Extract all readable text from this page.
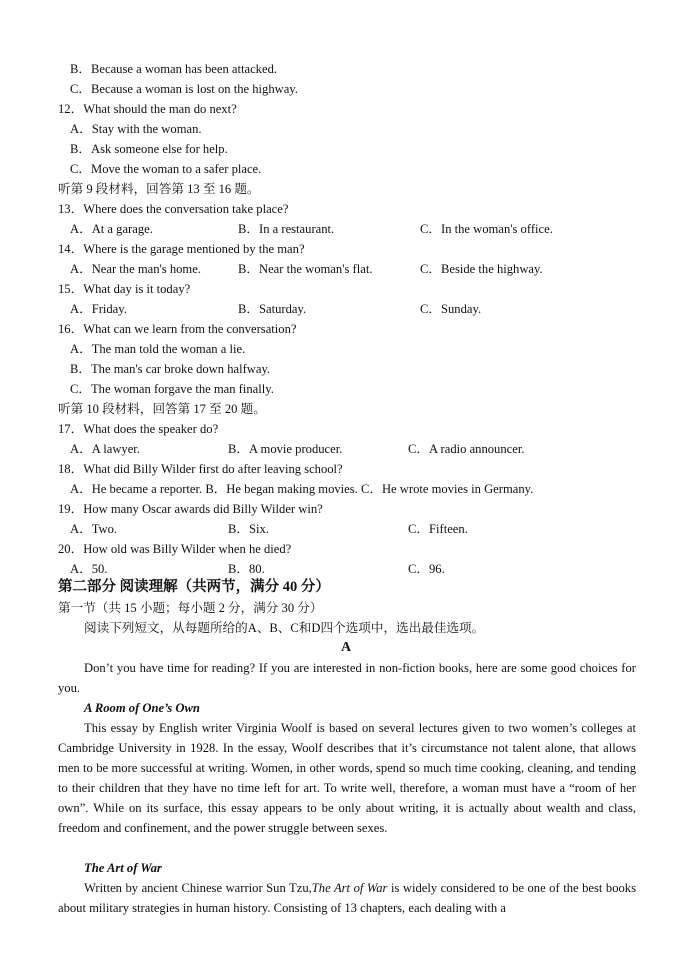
B．Because a woman has been attacked.
C．Because a woman is lost on the highway.
12．What should the man do next?
A．Stay with the woman.
B．Ask someone else for help.
C．Move the woman to a safer place.
听第 9 段材料，回答第 13 至 16 题。
13．Where does the conversation take place?
A．At a garage.	B．In a restaurant.	C．In the woman's office.
14．Where is the garage mentioned by the man?
A．Near the man's home.	B．Near the woman's flat.	C．Beside the highway.
15．What day is it today?
A．Friday.	B．Saturday.	C．Sunday.
16．What can we learn from the conversation?
A．The man told the woman a lie.
B．The man's car broke down halfway.
C．The woman forgave the man finally.
听第 10 段材料，回答第 17 至 20 题。
17．What does the speaker do?
A．A lawyer.	B．A movie producer.	C．A radio announcer.
18．What did Billy Wilder first do after leaving school?
A．He became a reporter. B．He began making movies. C．He wrote movies in Germany.
19．How many Oscar awards did Billy Wilder win?
A．Two.	B．Six.	C．Fifteen.
20．How old was Billy Wilder when he died?
A．50.	B．80.	C．96.
第二部分 阅读理解（共两节，满分 40 分）
第一节（共 15 小题；每小题 2 分，满分 30 分）
阅读下列短文，从每题所给的A、B、C和D四个选项中，选出最佳选项。
A
Don’t you have time for reading? If you are interested in non-fiction books, here are some good choices for you.
A Room of One’s Own
This essay by English writer Virginia Woolf is based on several lectures given to two women’s colleges at Cambridge University in 1928. In the essay, Woolf describes that it’s circumstance not talent alone, that allows men to be more successful at writing. Women, in other words, spend so much time cooking, cleaning, and tending to their children that they have no time left for art. To write well, therefore, a woman must have a “room of her own”. While on its surface, this essay appears to be only about writing, it is actually about wealth and class, freedom and confinement, and the power struggle between sexes.
The Art of War
Written by ancient Chinese warrior Sun Tzu,The Art of War is widely considered to be one of the best books about military strategies in human history. Consisting of 13 chapters, each dealing with a
